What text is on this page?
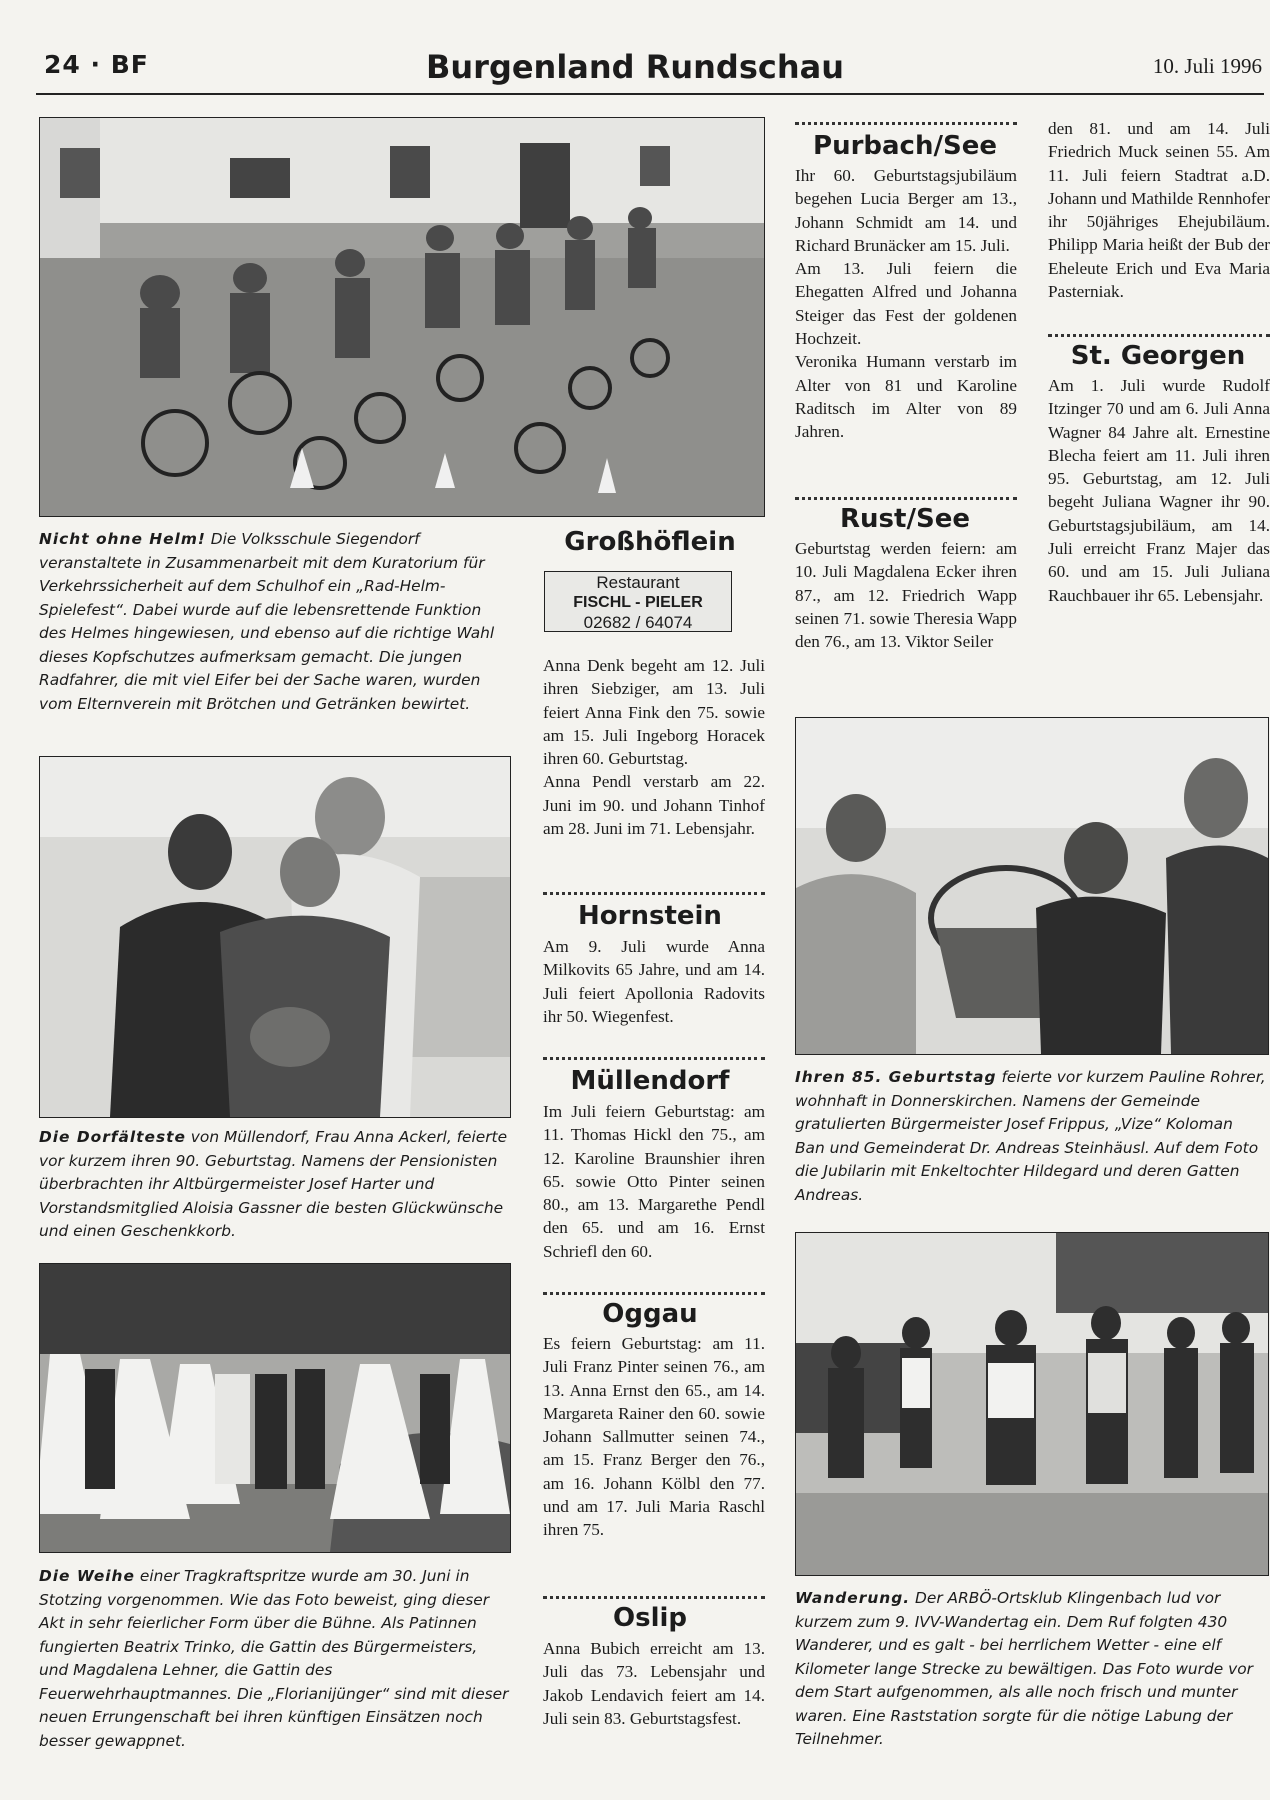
24 · BF	Burgenland Rundschau	10. Juli 1996

Nicht ohne Helm! Die Volksschule Siegendorf veranstaltete in Zusammenarbeit mit dem Kuratorium für Verkehrssicherheit auf dem Schulhof ein „Rad-Helm-Spielefest“. Dabei wurde auf die lebensrettende Funktion des Helmes hingewiesen, und ebenso auf die richtige Wahl dieses Kopfschutzes aufmerksam gemacht. Die jungen Radfahrer, die mit viel Eifer bei der Sache waren, wurden vom Elternverein mit Brötchen und Getränken bewirtet.

Die Dorfälteste von Müllendorf, Frau Anna Ackerl, feierte vor kurzem ihren 90. Geburtstag. Namens der Pensionisten überbrachten ihr Altbürgermeister Josef Harter und Vorstandsmitglied Aloisia Gassner die besten Glückwünsche und einen Geschenkkorb.

Die Weihe einer Tragkraftspritze wurde am 30. Juni in Stotzing vorgenommen. Wie das Foto beweist, ging dieser Akt in sehr feierlicher Form über die Bühne. Als Patinnen fungierten Beatrix Trinko, die Gattin des Bürgermeisters, und Magdalena Lehner, die Gattin des Feuerwehrhauptmannes. Die „Florianijünger“ sind mit dieser neuen Errungenschaft bei ihren künftigen Einsätzen noch besser gewappnet.

Großhöflein
Restaurant
FISCHL - PIELER
02682 / 64074

Anna Denk begeht am 12. Juli ihren Siebziger, am 13. Juli feiert Anna Fink den 75. sowie am 15. Juli Ingeborg Horacek ihren 60. Geburtstag.

Anna Pendl verstarb am 22. Juni im 90. und Johann Tinhof am 28. Juni im 71. Lebensjahr.

Hornstein

Am 9. Juli wurde Anna Milkovits 65 Jahre, und am 14. Juli feiert Apollonia Radovits ihr 50. Wiegenfest.

Müllendorf

Im Juli feiern Geburtstag: am 11. Thomas Hickl den 75., am 12. Karoline Braunshier ihren 65. sowie Otto Pinter seinen 80., am 13. Margarethe Pendl den 65. und am 16. Ernst Schriefl den 60.

Oggau

Es feiern Geburtstag: am 11. Juli Franz Pinter seinen 76., am 13. Anna Ernst den 65., am 14. Margareta Rainer den 60. sowie Johann Sallmutter seinen 74., am 15. Franz Berger den 76., am 16. Johann Kölbl den 77. und am 17. Juli Maria Raschl ihren 75.

Oslip

Anna Bubich erreicht am 13. Juli das 73. Lebensjahr und Jakob Lendavich feiert am 14. Juli sein 83. Geburtstagsfest.

Purbach/See

Ihr 60. Geburtstagsjubiläum begehen Lucia Berger am 13., Johann Schmidt am 14. und Richard Brunäcker am 15. Juli.

Am 13. Juli feiern die Ehegatten Alfred und Johanna Steiger das Fest der goldenen Hochzeit.

Veronika Humann verstarb im Alter von 81 und Karoline Raditsch im Alter von 89 Jahren.

Rust/See

Geburtstag werden feiern: am 10. Juli Magdalena Ecker ihren 87., am 12. Friedrich Wapp seinen 71. sowie Theresia Wapp den 76., am 13. Viktor Seiler

den 81. und am 14. Juli Friedrich Muck seinen 55. Am 11. Juli feiern Stadtrat a.D. Johann und Mathilde Rennhofer ihr 50jähriges Ehejubiläum. Philipp Maria heißt der Bub der Eheleute Erich und Eva Maria Pasterniak.

St. Georgen

Am 1. Juli wurde Rudolf Itzinger 70 und am 6. Juli Anna Wagner 84 Jahre alt. Ernestine Blecha feiert am 11. Juli ihren 95. Geburtstag, am 12. Juli begeht Juliana Wagner ihr 90. Geburtstagsjubiläum, am 14. Juli erreicht Franz Majer das 60. und am 15. Juli Juliana Rauchbauer ihr 65. Lebensjahr.

Ihren 85. Geburtstag feierte vor kurzem Pauline Rohrer, wohnhaft in Donnerskirchen. Namens der Gemeinde gratulierten Bürgermeister Josef Frippus, „Vize“ Koloman Ban und Gemeinderat Dr. Andreas Steinhäusl. Auf dem Foto die Jubilarin mit Enkeltochter Hildegard und deren Gatten Andreas.

Wanderung. Der ARBÖ-Ortsklub Klingenbach lud vor kurzem zum 9. IVV-Wandertag ein. Dem Ruf folgten 430 Wanderer, und es galt - bei herrlichem Wetter - eine elf Kilometer lange Strecke zu bewältigen. Das Foto wurde vor dem Start aufgenommen, als alle noch frisch und munter waren. Eine Raststation sorgte für die nötige Labung der Teilnehmer.
